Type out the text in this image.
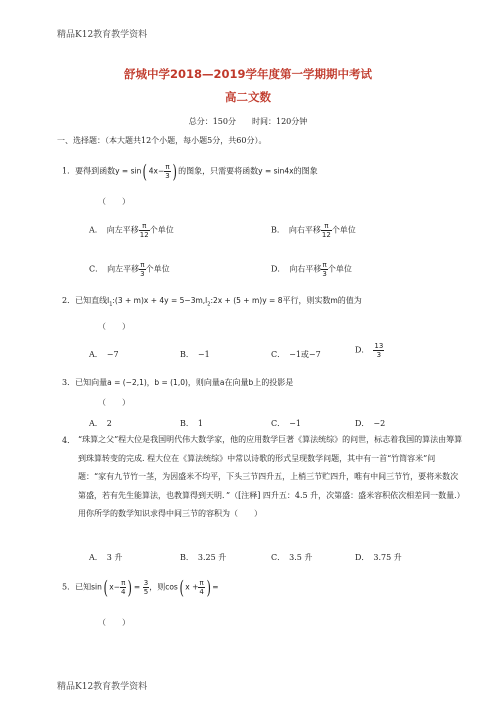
精品K12教育教学资料
舒城中学2018—2019学年度第一学期期中考试
高二文数
总分：150分　　时间：120分钟
一、选择题：（本大题共12个小题，每小题5分，共60分）。
1．要得到函数$y = \sin(4x- \frac{\pi}{3}$ )的图象，只需要将函数y = sin4x的图象
（　　）
A．　 向左平移 $\frac{\pi}{12}$ 个单位	B．　 向右平移 $\frac{\pi}{12}$ 个单位
C．　 向左平移 $\frac{\pi}{3}$ 个单位	D．　 向右平移 $\frac{\pi}{3}$ 个单位
2．已知直线$l_1:(3 + m)x + 4y$ = $5-3m,l_2:2x + (5 + m)y = 8$平行，则实数m的值为
（　　）
A．　−7	B．　−1	C．　−1或−7	D．　 $\frac{13}{3}$
3．已知向量a = (−2,1)，b = (1,0)，则向量a在向量b上的投影是
（　　）
A．　2	B．　1	C．　−1	D．　−2
4． “珠算之父”程大位是我国明代伟大数学家，他的应用数学巨著《算法统综》的问世，标志着我国的算法由筹算到珠算转变的完成. 程大位在《算法统综》中常以诗歌的形式呈现数学问题，其中有一首“竹筒容米”问题：“家有九节竹一茎，为因盛米不均平，下头三节四升五，上梢三节贮四升，唯有中间三节竹，要将米数次第盛，若有先生能算法，也教算得到天明．”（[注释] 四升五：4.5 升，次第盛：盛米容积依次相差同一数量.）用你所学的数学知识求得中间三节的容积为（　　）
A．　3 升	B．　3.25 升	C．　3.5 升	D．　3.75 升
5．已知$\sin(x- \frac{\pi}{4}$ )= $\frac{3}{5}$ ，则$\cos(x + \frac{\pi}{4}$ )=
（　　）
精品K12教育教学资料
